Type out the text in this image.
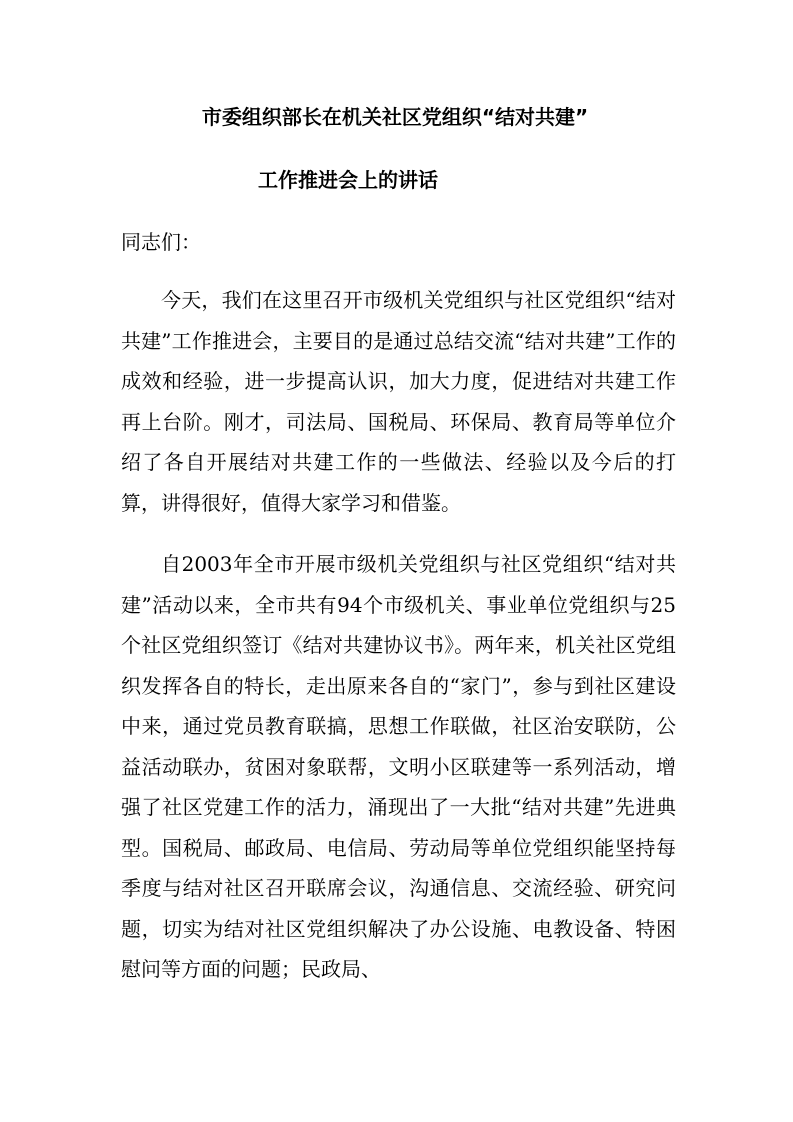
市委组织部长在机关社区党组织“结对共建”
工作推进会上的讲话
同志们：

今天，我们在这里召开市级机关党组织与社区党组织“结对共建”工作推进会，主要目的是通过总结交流“结对共建”工作的成效和经验，进一步提高认识，加大力度，促进结对共建工作再上台阶。刚才，司法局、国税局、环保局、教育局等单位介绍了各自开展结对共建工作的一些做法、经验以及今后的打算，讲得很好，值得大家学习和借鉴。

自2003年全市开展市级机关党组织与社区党组织“结对共建”活动以来，全市共有94个市级机关、事业单位党组织与25个社区党组织签订《结对共建协议书》。两年来，机关社区党组织发挥各自的特长，走出原来各自的“家门”，参与到社区建设中来，通过党员教育联搞，思想工作联做，社区治安联防，公益活动联办，贫困对象联帮，文明小区联建等一系列活动，增强了社区党建工作的活力，涌现出了一大批“结对共建”先进典型。国税局、邮政局、电信局、劳动局等单位党组织能坚持每季度与结对社区召开联席会议，沟通信息、交流经验、研究问题，切实为结对社区党组织解决了办公设施、电教设备、特困慰问等方面的问题；民政局、
